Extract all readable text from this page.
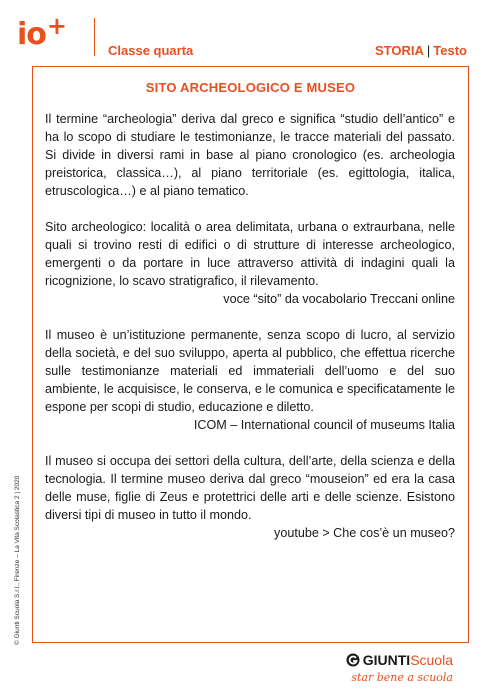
io+
Classe quarta	STORIA | Testo
SITO ARCHEOLOGICO E MUSEO

Il termine “archeologia” deriva dal greco e significa “studio dell’antico” e ha lo scopo di studiare le testimonianze, le tracce materiali del passato. Si divide in diversi rami in base al piano cronologico (es. archeologia preistorica, classica…), al piano territoriale (es. egittologia, italica, etruscologica…) e al piano tematico.

Sito archeologico: località o area delimitata, urbana o extraurbana, nelle quali si trovino resti di edifici o di strutture di interesse archeologico, emergenti o da portare in luce attraverso attività di indagini quali la ricognizione, lo scavo stratigrafico, il rilevamento.

voce “sito” da vocabolario Treccani online

Il museo è un’istituzione permanente, senza scopo di lucro, al servizio della società, e del suo sviluppo, aperta al pubblico, che effettua ricerche sulle testimonianze materiali ed immateriali dell’uomo e del suo ambiente, le acquisisce, le conserva, e le comunica e specificatamente le espone per scopi di studio, educazione e diletto.

ICOM – International council of museums Italia

Il museo si occupa dei settori della cultura, dell’arte, della scienza e della tecnologia. Il termine museo deriva dal greco “mouseion” ed era la casa delle muse, figlie di Zeus e protettrici delle arti e delle scienze. Esistono diversi tipi di museo in tutto il mondo.

youtube > Che cos’è un museo?

© Giunti Scuola S.r.l., Firenze – La Vita Scolastica 2 | 2020
GIUNTIScuola
star bene a scuola
